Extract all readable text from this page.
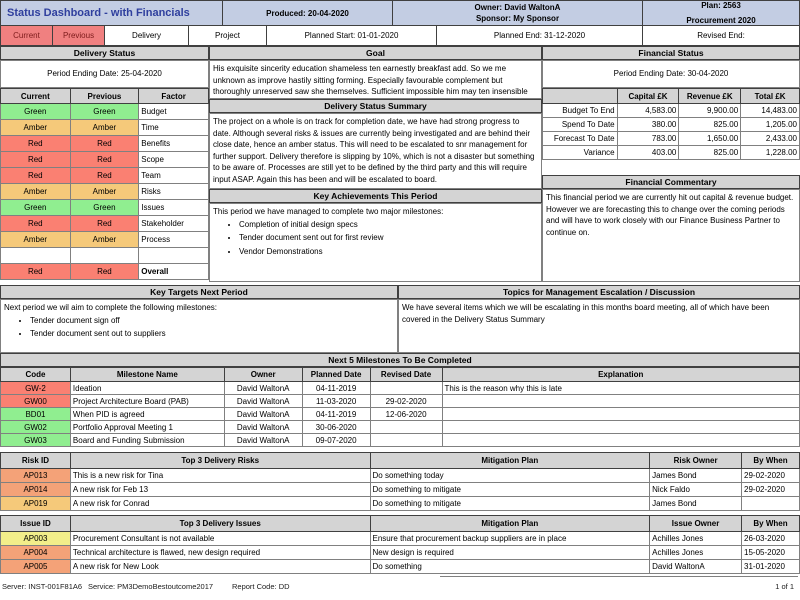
Status Dashboard - with Financials	Produced: 20-04-2020
Owner: David WaltonA
Sponsor: My Sponsor
Plan: 2563
Procurement 2020
Current	Previous	Delivery	Project	Planned Start: 01-01-2020	Planned End: 31-12-2020	Revised End:
Delivery Status
Period Ending Date: 25-04-2020
Current	Previous	Factor
Green	Green	Budget
Amber	Amber	Time
Red	Red	Benefits
Red	Red	Scope
Red	Red	Team
Amber	Amber	Risks
Green	Green	Issues
Red	Red	Stakeholder
Amber	Amber	Process

Red	Red	Overall
Goal
His exquisite sincerity education shameless ten earnestly breakfast add. So we me unknown as improve hastily sitting forming. Especially favourable complement but thoroughly unreserved saw she themselves. Sufficient impossible him may ten insensible
Delivery Status Summary
The project on a whole is on track for completion date, we have had strong progress to date. Although several risks & issues are currently being investigated and are behind their close date, hence an amber status. This will need to be escalated to snr management for further support. Delivery therefore is slipping by 10%, which is not a disaster but something to be aware of. Processes are still yet to be defined by the third party and this will require input ASAP. Again this has been and will be escalated to board.
Key Achievements This Period
This period we have managed to complete two major milestones:
• Completion of initial design specs
• Tender document sent out for first review
• Vendor Demonstrations
Financial Status
Period Ending Date: 30-04-2020
	Capital £K	Revenue £K	Total £K
Budget To End	4,583.00	9,900.00	14,483.00
Spend To Date	380.00	825.00	1,205.00
Forecast To Date	783.00	1,650.00	2,433.00
Variance	403.00	825.00	1,228.00
Financial Commentary
This financial period we are currently hit out capital & revenue budget. However we are forecasting this to change over the coming periods and will have to work closely with our Finance Business Partner to continue on.
Key Targets Next Period
Next period we wil aim to complete the following milestones:
• Tender document sign off
• Tender document sent out to suppliers
Topics for Management Escalation / Discussion
We have several items which we will be escalating in this months board meeting, all of which have been covered in the Delivery Status Summary
Next 5 Milestones To Be Completed
Code	Milestone Name	Owner	Planned Date	Revised Date	Explanation
GW-2	Ideation	David WaltonA	04-11-2019		This is the reason why this is late
GW00	Project Architecture Board (PAB)	David WaltonA	11-03-2020	29-02-2020	
BD01	When PID is agreed	David WaltonA	04-11-2019	12-06-2020	
GW02	Portfolio Approval Meeting 1	David WaltonA	30-06-2020		
GW03	Board and Funding Submission	David WaltonA	09-07-2020		
Risk ID	Top 3 Delivery Risks	Mitigation Plan	Risk Owner	By When
AP013	This is a new risk for Tina	Do something today	James Bond	29-02-2020
AP014	A new risk for Feb 13	Do something to mitigate	Nick Faldo	29-02-2020
AP019	A new risk for Conrad	Do something to mitigate	James Bond	
Issue ID	Top 3 Delivery Issues	Mitigation Plan	Issue Owner	By When
AP003	Procurement Consultant is not available	Ensure that procurement backup suppliers are in place	Achilles Jones	26-03-2020
AP004	Technical architecture is flawed, new design required	New design is required	Achilles Jones	15-05-2020
AP005	A new risk for New Look	Do something	David WaltonA	31-01-2020
Server: INST-001F81A6 Service: PM3DemoBestoutcome2017	Report Code: DD	1 of 1
